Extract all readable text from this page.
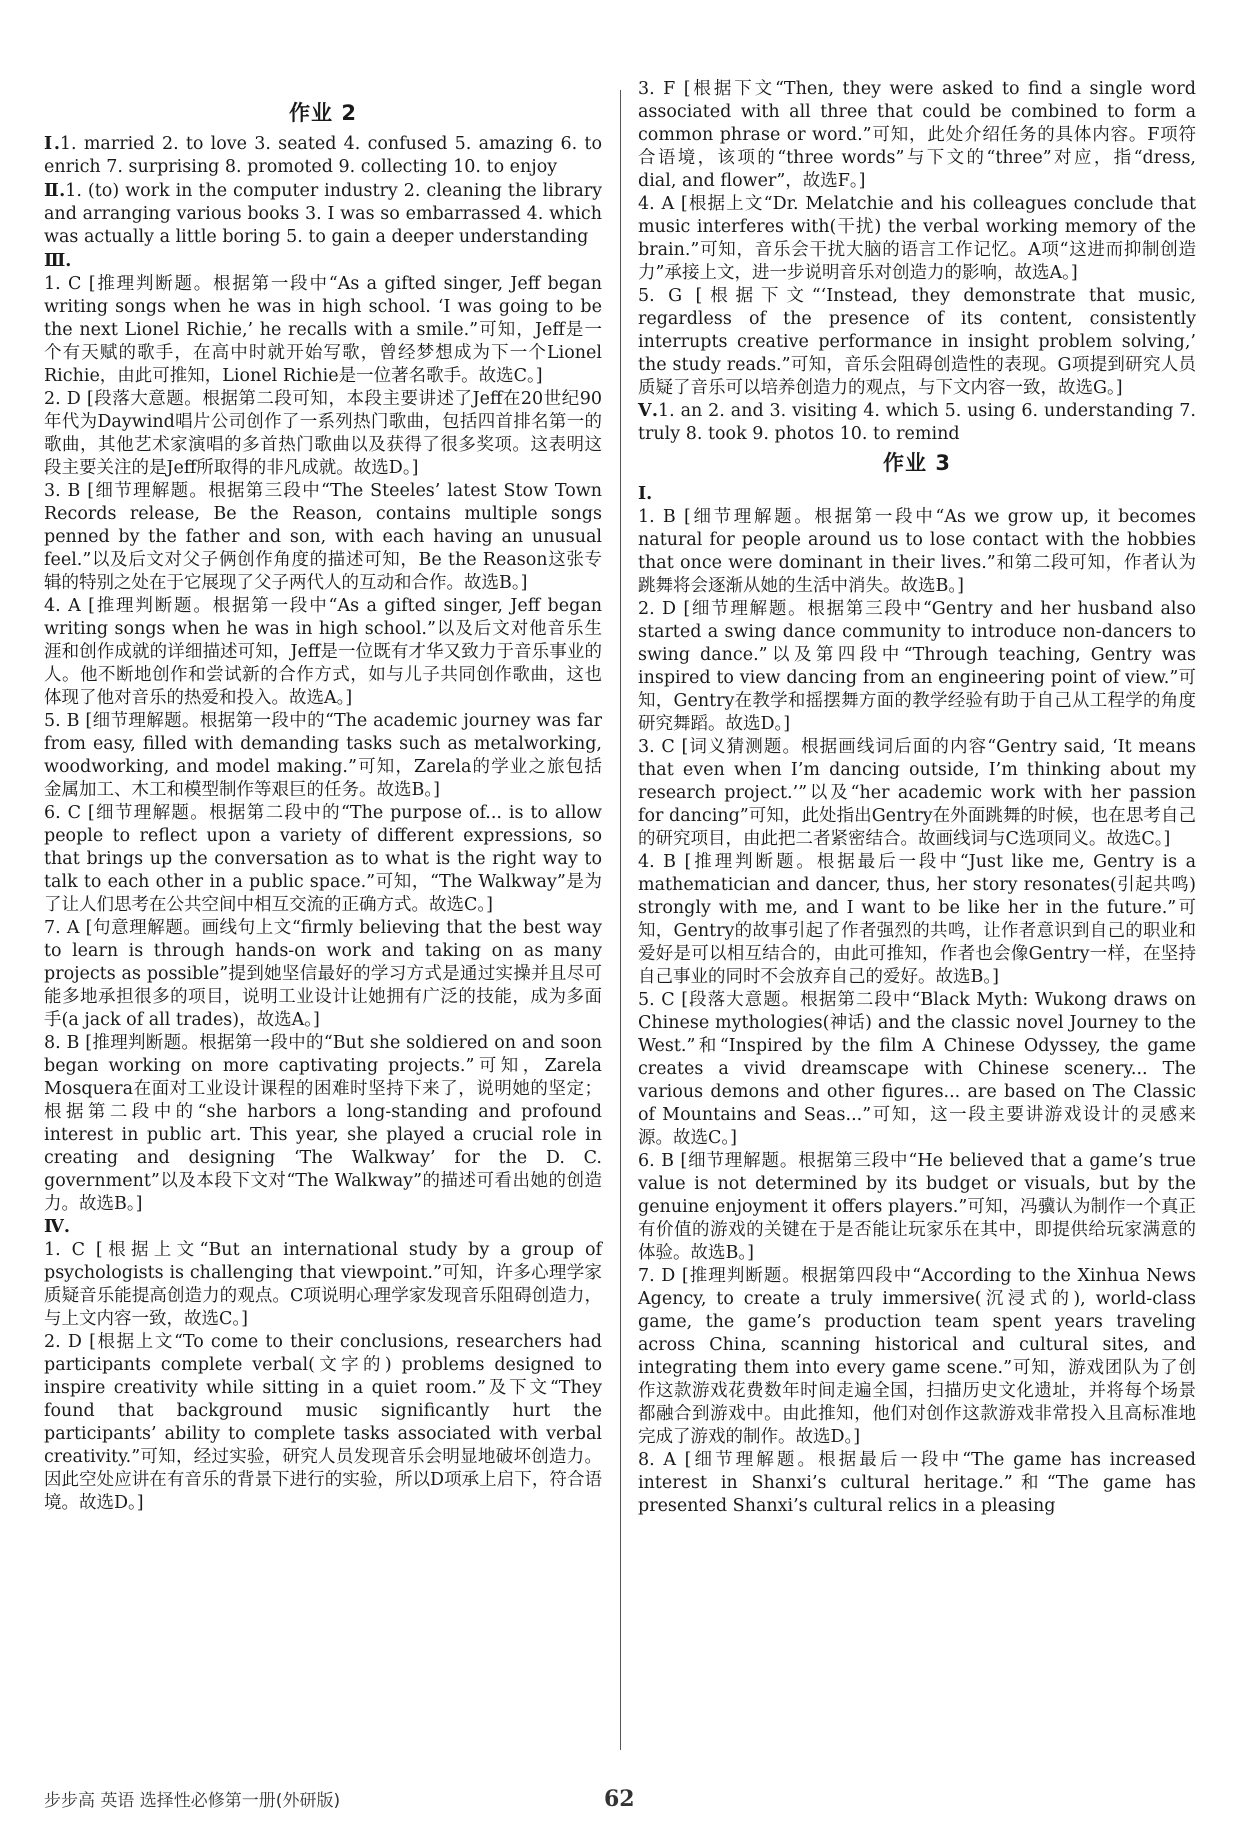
作业 2

Ⅰ.1. married 2. to love 3. seated 4. confused 5. amazing 6. to enrich 7. surprising 8. promoted 9. collecting 10. to enjoy

Ⅱ.1. (to) work in the computer industry 2. cleaning the library and arranging various books 3. I was so embarrassed 4. which was actually a little boring 5. to gain a deeper understanding

Ⅲ.

1. C [推理判断题。根据第一段中“As a gifted singer, Jeff began writing songs when he was in high school. ‘I was going to be the next Lionel Richie,’ he recalls with a smile.”可知，Jeff是一个有天赋的歌手，在高中时就开始写歌，曾经梦想成为下一个Lionel Richie，由此可推知，Lionel Richie是一位著名歌手。故选C。]

2. D [段落大意题。根据第二段可知，本段主要讲述了Jeff在20世纪90年代为Daywind唱片公司创作了一系列热门歌曲，包括四首排名第一的歌曲，其他艺术家演唱的多首热门歌曲以及获得了很多奖项。这表明这段主要关注的是Jeff所取得的非凡成就。故选D。]

3. B [细节理解题。根据第三段中“The Steeles’ latest Stow Town Records release, Be the Reason, contains multiple songs penned by the father and son, with each having an unusual feel.”以及后文对父子俩创作角度的描述可知，Be the Reason这张专辑的特别之处在于它展现了父子两代人的互动和合作。故选B。]

4. A [推理判断题。根据第一段中“As a gifted singer, Jeff began writing songs when he was in high school.”以及后文对他音乐生涯和创作成就的详细描述可知，Jeff是一位既有才华又致力于音乐事业的人。他不断地创作和尝试新的合作方式，如与儿子共同创作歌曲，这也体现了他对音乐的热爱和投入。故选A。]

5. B [细节理解题。根据第一段中的“The academic journey was far from easy, filled with demanding tasks such as metalworking, woodworking, and model making.”可知，Zarela的学业之旅包括金属加工、木工和模型制作等艰巨的任务。故选B。]

6. C [细节理解题。根据第二段中的“The purpose of... is to allow people to reflect upon a variety of different expressions, so that brings up the conversation as to what is the right way to talk to each other in a public space.”可知，“The Walkway”是为了让人们思考在公共空间中相互交流的正确方式。故选C。]

7. A [句意理解题。画线句上文“firmly believing that the best way to learn is through hands-on work and taking on as many projects as possible”提到她坚信最好的学习方式是通过实操并且尽可能多地承担很多的项目，说明工业设计让她拥有广泛的技能，成为多面手(a jack of all trades)，故选A。]

8. B [推理判断题。根据第一段中的“But she soldiered on and soon began working on more captivating projects.”可知，Zarela Mosquera在面对工业设计课程的困难时坚持下来了，说明她的坚定；根据第二段中的“she harbors a long-standing and profound interest in public art. This year, she played a crucial role in creating and designing ‘The Walkway’ for the D. C. government”以及本段下文对“The Walkway”的描述可看出她的创造力。故选B。]

Ⅳ.

1. C [根据上文“But an international study by a group of psychologists is challenging that viewpoint.”可知，许多心理学家质疑音乐能提高创造力的观点。C项说明心理学家发现音乐阻碍创造力，与上文内容一致，故选C。]

2. D [根据上文“To come to their conclusions, researchers had participants complete verbal(文字的) problems designed to inspire creativity while sitting in a quiet room.”及下文“They found that background music significantly hurt the participants’ ability to complete tasks associated with verbal creativity.”可知，经过实验，研究人员发现音乐会明显地破坏创造力。因此空处应讲在有音乐的背景下进行的实验，所以D项承上启下，符合语境。故选D。]

3. F [根据下文“Then, they were asked to find a single word associated with all three that could be combined to form a common phrase or word.”可知，此处介绍任务的具体内容。F项符合语境，该项的“three words”与下文的“three”对应，指“dress, dial, and flower”，故选F。]

4. A [根据上文“Dr. Melatchie and his colleagues conclude that music interferes with(干扰) the verbal working memory of the brain.”可知，音乐会干扰大脑的语言工作记忆。A项“这进而抑制创造力”承接上文，进一步说明音乐对创造力的影响，故选A。]

5. G [根据下文“‘Instead, they demonstrate that music, regardless of the presence of its content, consistently interrupts creative performance in insight problem solving,’ the study reads.”可知，音乐会阻碍创造性的表现。G项提到研究人员质疑了音乐可以培养创造力的观点，与下文内容一致，故选G。]

Ⅴ.1. an 2. and 3. visiting 4. which 5. using 6. understanding 7. truly 8. took 9. photos 10. to remind

作业 3

Ⅰ.

1. B [细节理解题。根据第一段中“As we grow up, it becomes natural for people around us to lose contact with the hobbies that once were dominant in their lives.”和第二段可知，作者认为跳舞将会逐渐从她的生活中消失。故选B。]

2. D [细节理解题。根据第三段中“Gentry and her husband also started a swing dance community to introduce non-dancers to swing dance.”以及第四段中“Through teaching, Gentry was inspired to view dancing from an engineering point of view.”可知，Gentry在教学和摇摆舞方面的教学经验有助于自己从工程学的角度研究舞蹈。故选D。]

3. C [词义猜测题。根据画线词后面的内容“Gentry said, ‘It means that even when I’m dancing outside, I’m thinking about my research project.’”以及“her academic work with her passion for dancing”可知，此处指出Gentry在外面跳舞的时候，也在思考自己的研究项目，由此把二者紧密结合。故画线词与C选项同义。故选C。]

4. B [推理判断题。根据最后一段中“Just like me, Gentry is a mathematician and dancer, thus, her story resonates(引起共鸣) strongly with me, and I want to be like her in the future.”可知，Gentry的故事引起了作者强烈的共鸣，让作者意识到自己的职业和爱好是可以相互结合的，由此可推知，作者也会像Gentry一样，在坚持自己事业的同时不会放弃自己的爱好。故选B。]

5. C [段落大意题。根据第二段中“Black Myth: Wukong draws on Chinese mythologies(神话) and the classic novel Journey to the West.”和“Inspired by the film A Chinese Odyssey, the game creates a vivid dreamscape with Chinese scenery... The various demons and other figures... are based on The Classic of Mountains and Seas...”可知，这一段主要讲游戏设计的灵感来源。故选C。]

6. B [细节理解题。根据第三段中“He believed that a game’s true value is not determined by its budget or visuals, but by the genuine enjoyment it offers players.”可知，冯骥认为制作一个真正有价值的游戏的关键在于是否能让玩家乐在其中，即提供给玩家满意的体验。故选B。]

7. D [推理判断题。根据第四段中“According to the Xinhua News Agency, to create a truly immersive(沉浸式的), world-class game, the game’s production team spent years traveling across China, scanning historical and cultural sites, and integrating them into every game scene.”可知，游戏团队为了创作这款游戏花费数年时间走遍全国，扫描历史文化遗址，并将每个场景都融合到游戏中。由此推知，他们对创作这款游戏非常投入且高标准地完成了游戏的制作。故选D。]

8. A [细节理解题。根据最后一段中“The game has increased interest in Shanxi’s cultural heritage.”和“The game has presented Shanxi’s cultural relics in a pleasing

步步高 英语 选择性必修第一册(外研版)	62
